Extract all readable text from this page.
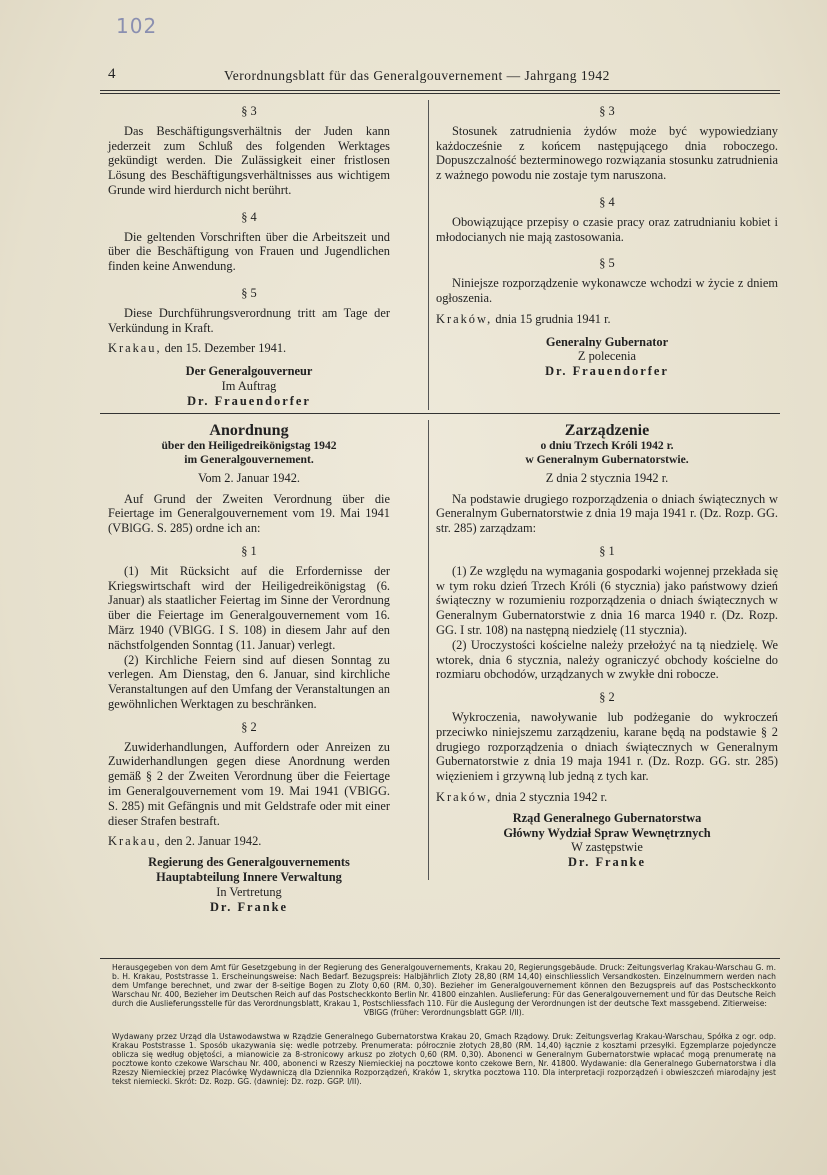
102
4	Verordnungsblatt für das Generalgouvernement — Jahrgang 1942
§ 3

Das Beschäftigungsverhältnis der Juden kann jederzeit zum Schluß des folgenden Werktages gekündigt werden. Die Zulässigkeit einer fristlosen Lösung des Beschäftigungsverhältnisses aus wichtigem Grunde wird hierdurch nicht berührt.

§ 4

Die geltenden Vorschriften über die Arbeitszeit und über die Beschäftigung von Frauen und Jugendlichen finden keine Anwendung.

§ 5

Diese Durchführungsverordnung tritt am Tage der Verkündung in Kraft.

Krakau, den 15. Dezember 1941.

Der Generalgouverneur
Im Auftrag
Dr. Frauendorfer
§ 3

Stosunek zatrudnienia żydów może być wypowiedziany każdocześnie z końcem następującego dnia roboczego. Dopuszczalność bezterminowego rozwiązania stosunku zatrudnienia z ważnego powodu nie zostaje tym naruszona.

§ 4

Obowiązujące przepisy o czasie pracy oraz zatrudnianiu kobiet i młodocianych nie mają zastosowania.

§ 5

Niniejsze rozporządzenie wykonawcze wchodzi w życie z dniem ogłoszenia.

Kraków, dnia 15 grudnia 1941 r.

Generalny Gubernator
Z polecenia
Dr. Frauendorfer
Anordnung
über den Heiligedreikönigstag 1942
im Generalgouvernement.
Vom 2. Januar 1942.

Auf Grund der Zweiten Verordnung über die Feiertage im Generalgouvernement vom 19. Mai 1941 (VBlGG. S. 285) ordne ich an:

§ 1

(1) Mit Rücksicht auf die Erfordernisse der Kriegswirtschaft wird der Heiligedreikönigstag (6. Januar) als staatlicher Feiertag im Sinne der Verordnung über die Feiertage im Generalgouvernement vom 16. März 1940 (VBlGG. I S. 108) in diesem Jahr auf den nächstfolgenden Sonntag (11. Januar) verlegt.

(2) Kirchliche Feiern sind auf diesen Sonntag zu verlegen. Am Dienstag, den 6. Januar, sind kirchliche Veranstaltungen auf den Umfang der Veranstaltungen an gewöhnlichen Werktagen zu beschränken.

§ 2

Zuwiderhandlungen, Auffordern oder Anreizen zu Zuwiderhandlungen gegen diese Anordnung werden gemäß § 2 der Zweiten Verordnung über die Feiertage im Generalgouvernement vom 19. Mai 1941 (VBlGG. S. 285) mit Gefängnis und mit Geldstrafe oder mit einer dieser Strafen bestraft.

Krakau, den 2. Januar 1942.

Regierung des Generalgouvernements
Hauptabteilung Innere Verwaltung
In Vertretung
Dr. Franke
Zarządzenie
o dniu Trzech Króli 1942 r.
w Generalnym Gubernatorstwie.
Z dnia 2 stycznia 1942 r.

Na podstawie drugiego rozporządzenia o dniach świątecznych w Generalnym Gubernatorstwie z dnia 19 maja 1941 r. (Dz. Rozp. GG. str. 285) zarządzam:

§ 1

(1) Ze względu na wymagania gospodarki wojennej przekłada się w tym roku dzień Trzech Króli (6 stycznia) jako państwowy dzień świąteczny w rozumieniu rozporządzenia o dniach świątecznych w Generalnym Gubernatorstwie z dnia 16 marca 1940 r. (Dz. Rozp. GG. I str. 108) na następną niedzielę (11 stycznia).

(2) Uroczystości kościelne należy przełożyć na tą niedzielę. We wtorek, dnia 6 stycznia, należy ograniczyć obchody kościelne do rozmiaru obchodów, urządzanych w zwykłe dni robocze.

§ 2

Wykroczenia, nawoływanie lub podżeganie do wykroczeń przeciwko niniejszemu zarządzeniu, karane będą na podstawie § 2 drugiego rozporządzenia o dniach świątecznych w Generalnym Gubernatorstwie z dnia 19 maja 1941 r. (Dz. Rozp. GG. str. 285) więzieniem i grzywną lub jedną z tych kar.

Kraków, dnia 2 stycznia 1942 r.

Rząd Generalnego Gubernatorstwa
Główny Wydział Spraw Wewnętrznych
W zastępstwie
Dr. Franke

Herausgegeben von dem Amt für Gesetzgebung in der Regierung des Generalgouvernements, Krakau 20, Regierungsgebäude. Druck: Zeitungsverlag Krakau-Warschau G. m. b. H. Krakau, Poststrasse 1. Erscheinungsweise: Nach Bedarf. Bezugspreis: Halbjährlich Zloty 28,80 (RM 14,40) einschliesslich Versandkosten. Einzelnummern werden nach dem Umfange berechnet, und zwar der 8-seitige Bogen zu Zloty 0,60 (RM. 0,30). Bezieher im Generalgouvernement können den Bezugspreis auf das Postscheckkonto Warschau Nr. 400, Bezieher im Deutschen Reich auf das Postscheckkonto Berlin Nr. 41800 einzahlen. Auslieferung: Für das Generalgouvernement und für das Deutsche Reich durch die Auslieferungsstelle für das Verordnungsblatt, Krakau 1, Postschliessfach 110. Für die Auslegung der Verordnungen ist der deutsche Text massgebend. Zitierweise:

VBlGG (früher: Verordnungsblatt GGP. I/II).

Wydawany przez Urząd dla Ustawodawstwa w Rządzie Generalnego Gubernatorstwa Krakau 20, Gmach Rządowy. Druk: Zeitungsverlag Krakau-Warschau, Spółka z ogr. odp. Krakau Poststrasse 1. Sposób ukazywania się: wedle potrzeby. Prenumerata: półrocznie złotych 28,80 (RM. 14,40) łącznie z kosztami przesyłki. Egzemplarze pojedyncze oblicza się według objętości, a mianowicie za 8-stronicowy arkusz po złotych 0,60 (RM. 0,30). Abonenci w Generalnym Gubernatorstwie wpłacać mogą prenumeratę na pocztowe konto czekowe Warschau Nr. 400, abonenci w Rzeszy Niemieckiej na pocztowe konto czekowe Bern, Nr. 41800. Wydawanie: dla Generalnego Gubernatorstwa i dla Rzeszy Niemieckiej przez Placówkę Wydawniczą dla Dziennika Rozporządzeń, Kraków 1, skrytka pocztowa 110. Dla interpretacji rozporządzeń i obwieszczeń miarodajny jest tekst niemiecki. Skrót: Dz. Rozp. GG. (dawniej: Dz. rozp. GGP. I/II).
